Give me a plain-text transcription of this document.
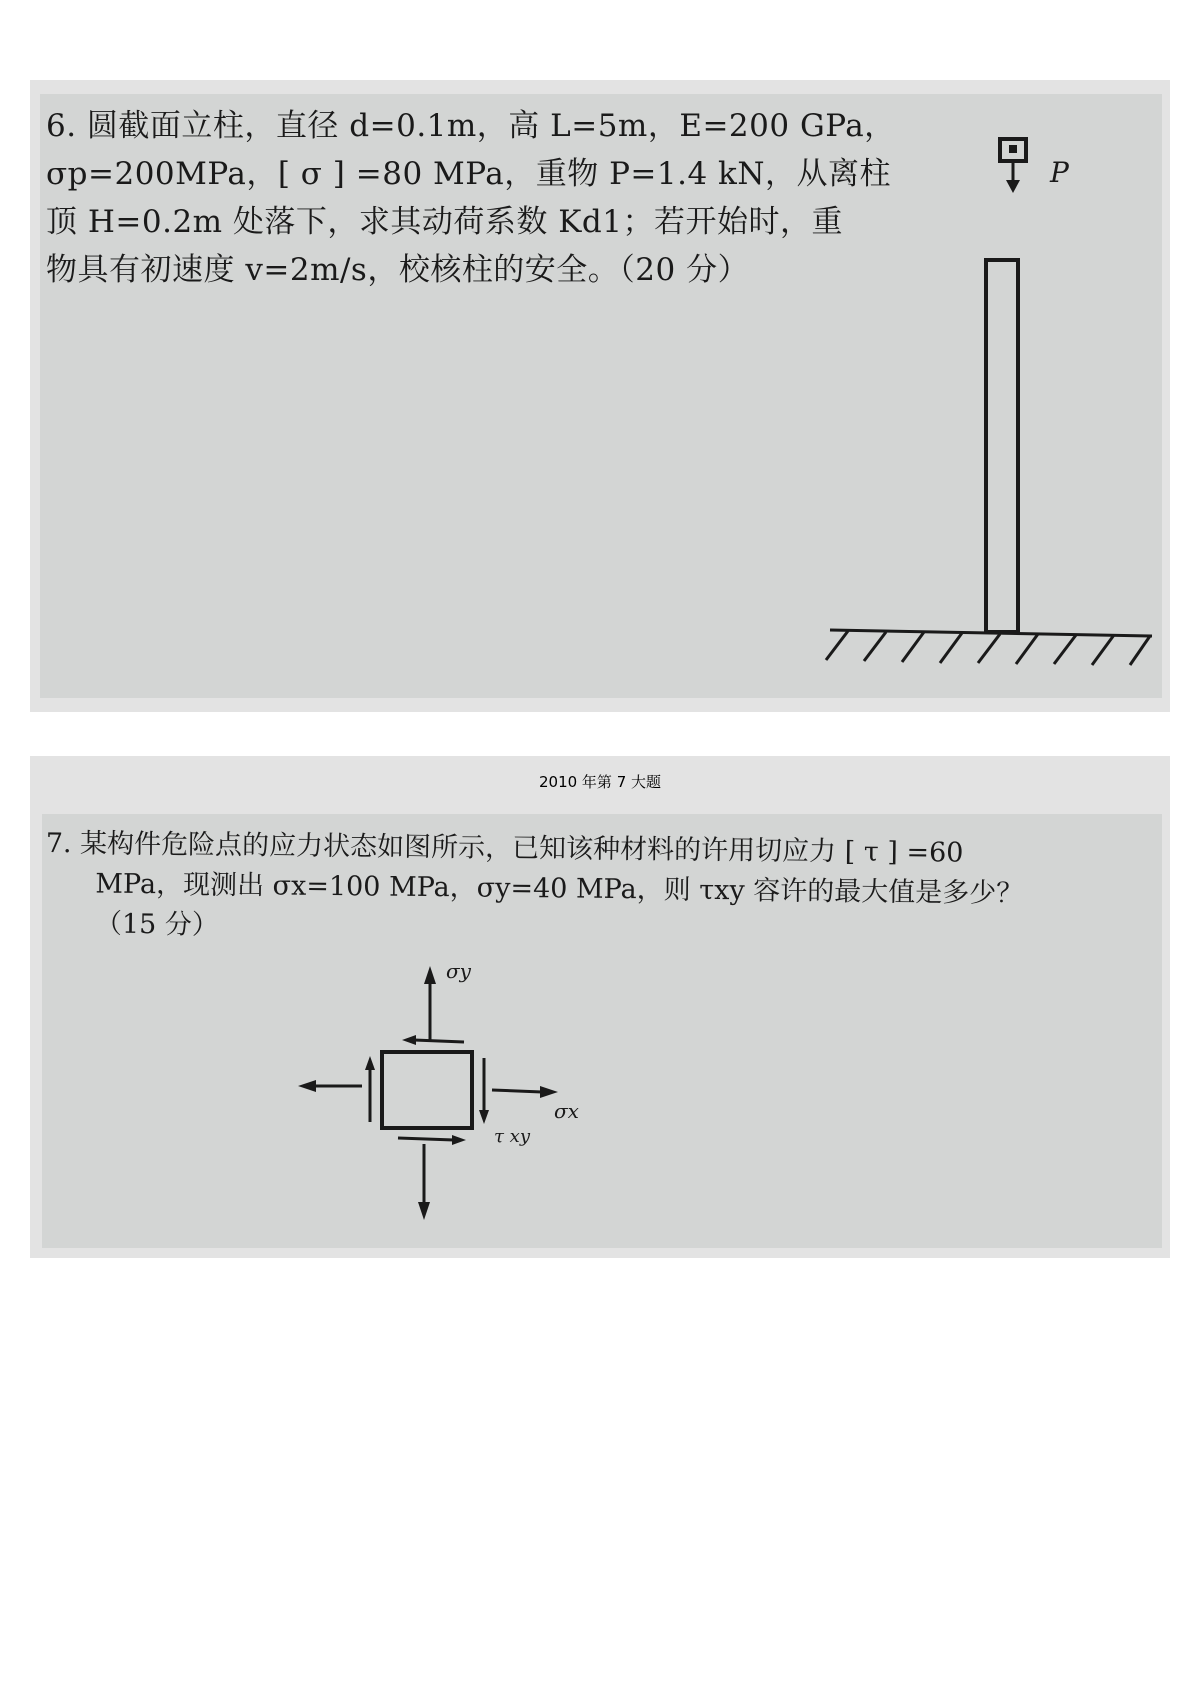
6. 圆截面立柱，直径 d=0.1m，高 L=5m，E=200 GPa，

σp=200MPa，[ σ ] =80 MPa，重物 P=1.4 kN，从离柱

顶 H=0.2m 处落下，求其动荷系数 Kd1；若开始时，重

物具有初速度 v=2m/s，校核柱的安全。（20 分）

P
2010 年第 7 大题

7. 某构件危险点的应力状态如图所示，已知该种材料的许用切应力 [ τ ] =60

MPa，现测出 σx=100 MPa，σy=40 MPa，则 τxy 容许的最大值是多少？

（15 分）

σy
σx
τ xy
